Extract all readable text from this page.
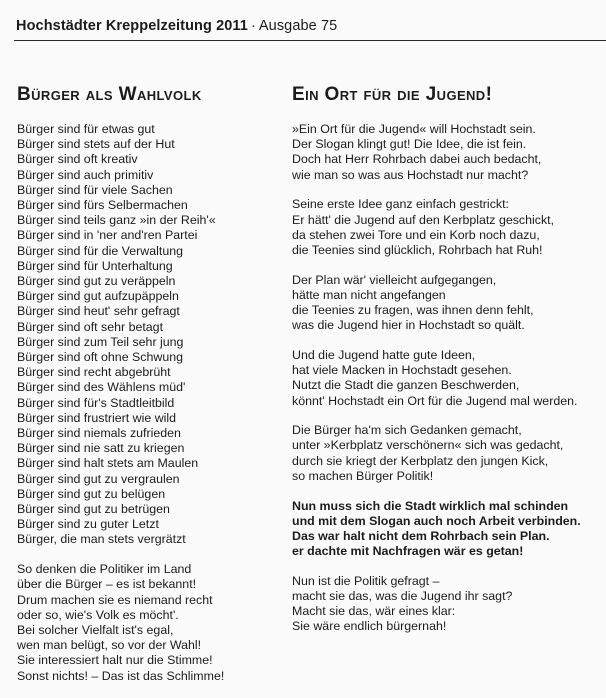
Hochstädter Kreppelzeitung 2011 · Ausgabe 75
Bürger als Wahlvolk
Bürger sind für etwas gut
Bürger sind stets auf der Hut
Bürger sind oft kreativ
Bürger sind auch primitiv
Bürger sind für viele Sachen
Bürger sind fürs Selbermachen
Bürger sind teils ganz »in der Reih'«
Bürger sind in 'ner and'ren Partei
Bürger sind für die Verwaltung
Bürger sind für Unterhaltung
Bürger sind gut zu veräppeln
Bürger sind gut aufzupäppeln
Bürger sind heut' sehr gefragt
Bürger sind oft sehr betagt
Bürger sind zum Teil sehr jung
Bürger sind oft ohne Schwung
Bürger sind recht abgebrüht
Bürger sind des Wählens müd'
Bürger sind für's Stadtleitbild
Bürger sind frustriert wie wild
Bürger sind niemals zufrieden
Bürger sind nie satt zu kriegen
Bürger sind halt stets am Maulen
Bürger sind gut zu vergraulen
Bürger sind gut zu belügen
Bürger sind gut zu betrügen
Bürger sind zu guter Letzt
Bürger, die man stets vergrätzt
So denken die Politiker im Land
über die Bürger – es ist bekannt!
Drum machen sie es niemand recht
oder so, wie's Volk es möcht'.
Bei solcher Vielfalt ist's egal,
wen man belügt, so vor der Wahl!
Sie interessiert halt nur die Stimme!
Sonst nichts! – Das ist das Schlimme!
Ein Ort für die Jugend!
»Ein Ort für die Jugend« will Hochstadt sein.
Der Slogan klingt gut! Die Idee, die ist fein.
Doch hat Herr Rohrbach dabei auch bedacht,
wie man so was aus Hochstadt nur macht?
Seine erste Idee ganz einfach gestrickt:
Er hätt' die Jugend auf den Kerbplatz geschickt,
da stehen zwei Tore und ein Korb noch dazu,
die Teenies sind glücklich, Rohrbach hat Ruh!
Der Plan wär' vielleicht aufgegangen,
hätte man nicht angefangen
die Teenies zu fragen, was ihnen denn fehlt,
was die Jugend hier in Hochstadt so quält.
Und die Jugend hatte gute Ideen,
hat viele Macken in Hochstadt gesehen.
Nutzt die Stadt die ganzen Beschwerden,
könnt' Hochstadt ein Ort für die Jugend mal werden.
Die Bürger ha'm sich Gedanken gemacht,
unter »Kerbplatz verschönern« sich was gedacht,
durch sie kriegt der Kerbplatz den jungen Kick,
so machen Bürger Politik!
Nun muss sich die Stadt wirklich mal schinden
und mit dem Slogan auch noch Arbeit verbinden.
Das war halt nicht dem Rohrbach sein Plan.
er dachte mit Nachfragen wär es getan!
Nun ist die Politik gefragt –
macht sie das, was die Jugend ihr sagt?
Macht sie das, wär eines klar:
Sie wäre endlich bürgernah!
